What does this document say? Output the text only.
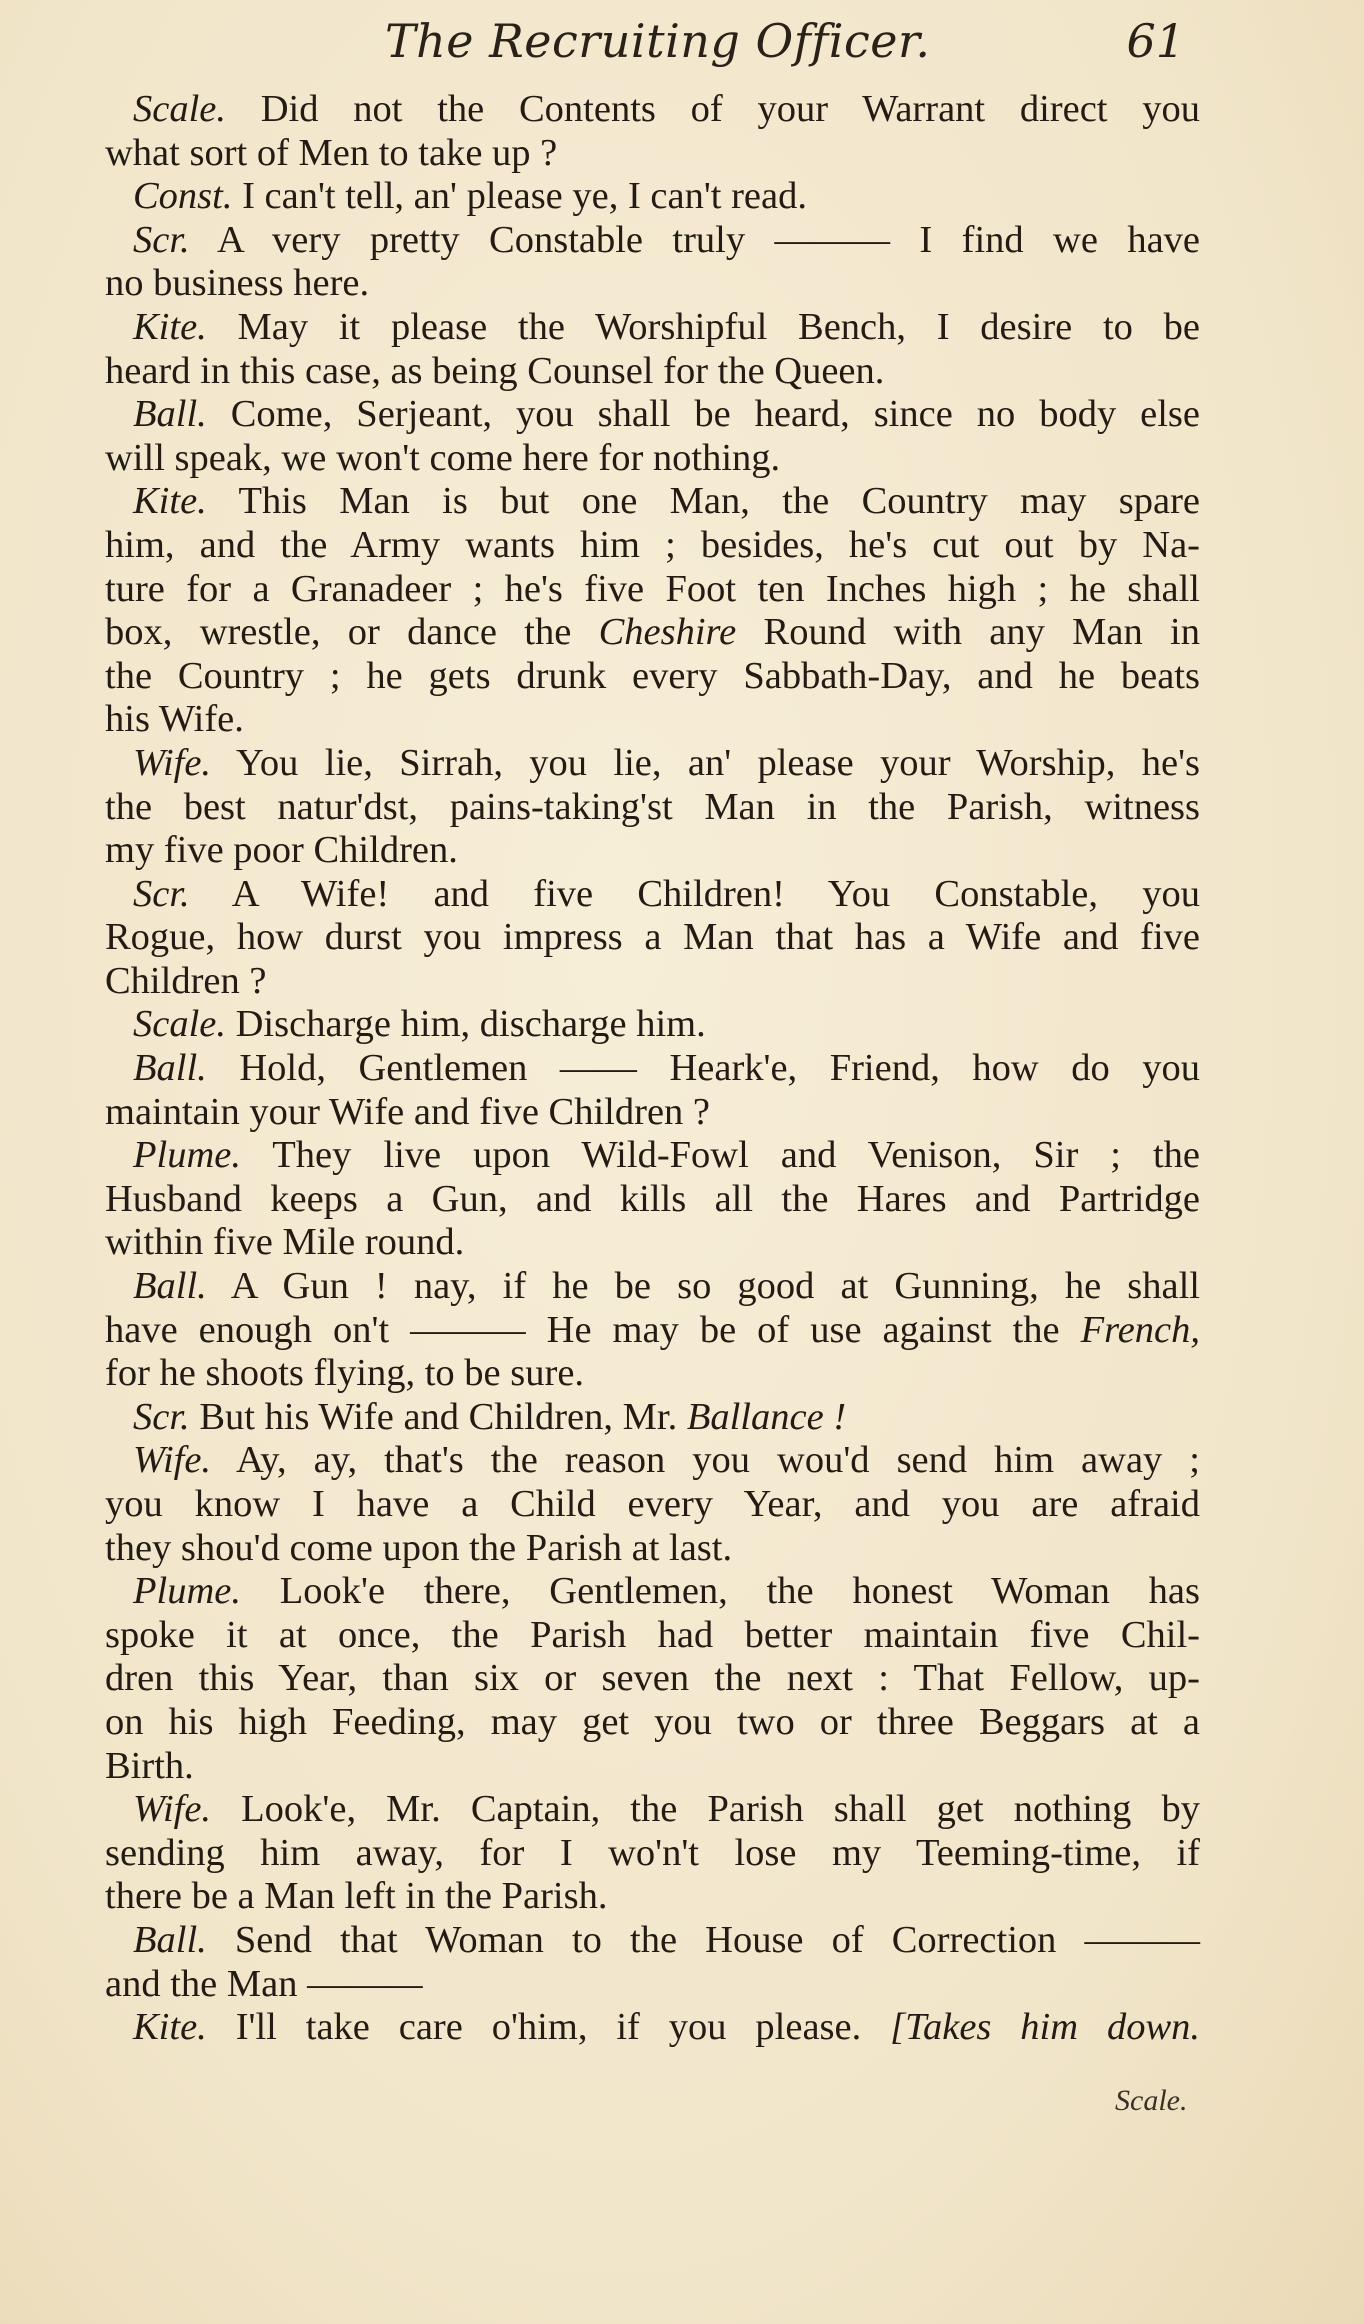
The Recruiting Officer.	61
Scale. Did not the Contents of your Warrant direct you
what sort of Men to take up ?
Const. I can't tell, an' please ye, I can't read.
Scr. A very pretty Constable truly ——— I find we have
no business here.
Kite. May it please the Worshipful Bench, I desire to be
heard in this case, as being Counsel for the Queen.
Ball. Come, Serjeant, you shall be heard, since no body else
will speak, we won't come here for nothing.
Kite. This Man is but one Man, the Country may spare
him, and the Army wants him ; besides, he's cut out by Na-
ture for a Granadeer ; he's five Foot ten Inches high ; he shall
box, wrestle, or dance the Cheshire Round with any Man in
the Country ; he gets drunk every Sabbath-Day, and he beats
his Wife.
Wife. You lie, Sirrah, you lie, an' please your Worship, he's
the best natur'dst, pains-taking'st Man in the Parish, witness
my five poor Children.
Scr. A Wife! and five Children! You Constable, you
Rogue, how durst you impress a Man that has a Wife and five
Children ?
Scale. Discharge him, discharge him.
Ball. Hold, Gentlemen —— Heark'e, Friend, how do you
maintain your Wife and five Children ?
Plume. They live upon Wild-Fowl and Venison, Sir ; the
Husband keeps a Gun, and kills all the Hares and Partridge
within five Mile round.
Ball. A Gun ! nay, if he be so good at Gunning, he shall
have enough on't ——— He may be of use against the French,
for he shoots flying, to be sure.
Scr. But his Wife and Children, Mr. Ballance !
Wife. Ay, ay, that's the reason you wou'd send him away ;
you know I have a Child every Year, and you are afraid
they shou'd come upon the Parish at last.
Plume. Look'e there, Gentlemen, the honest Woman has
spoke it at once, the Parish had better maintain five Chil-
dren this Year, than six or seven the next : That Fellow, up-
on his high Feeding, may get you two or three Beggars at a
Birth.
Wife. Look'e, Mr. Captain, the Parish shall get nothing by
sending him away, for I wo'n't lose my Teeming-time, if
there be a Man left in the Parish.
Ball. Send that Woman to the House of Correction ———
and the Man ———
Kite. I'll take care o'him, if you please. [Takes him down.
Scale.
